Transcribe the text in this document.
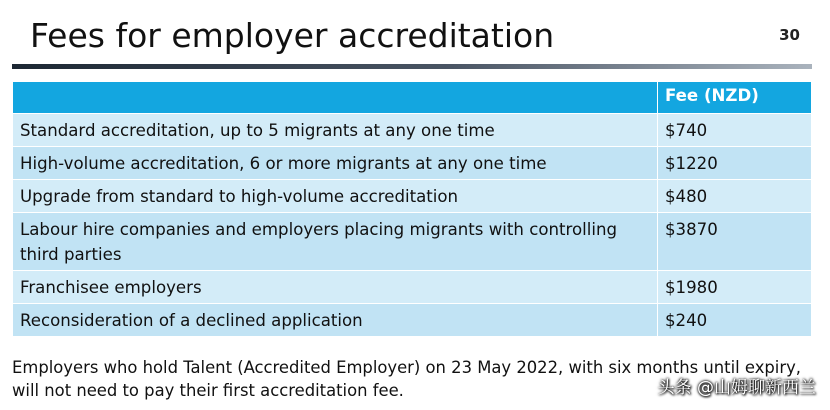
Fees for employer accreditation	30
	Fee (NZD)
Standard accreditation, up to 5 migrants at any one time	$740
High-volume accreditation, 6 or more migrants at any one time	$1220
Upgrade from standard to high-volume accreditation	$480
Labour hire companies and employers placing migrants with controlling third parties	$3870
Franchisee employers	$1980
Reconsideration of a declined application	$240
Employers who hold Talent (Accredited Employer) on 23 May 2022, with six months until expiry, will not need to pay their first accreditation fee.	头条 @山姆聊新西兰
